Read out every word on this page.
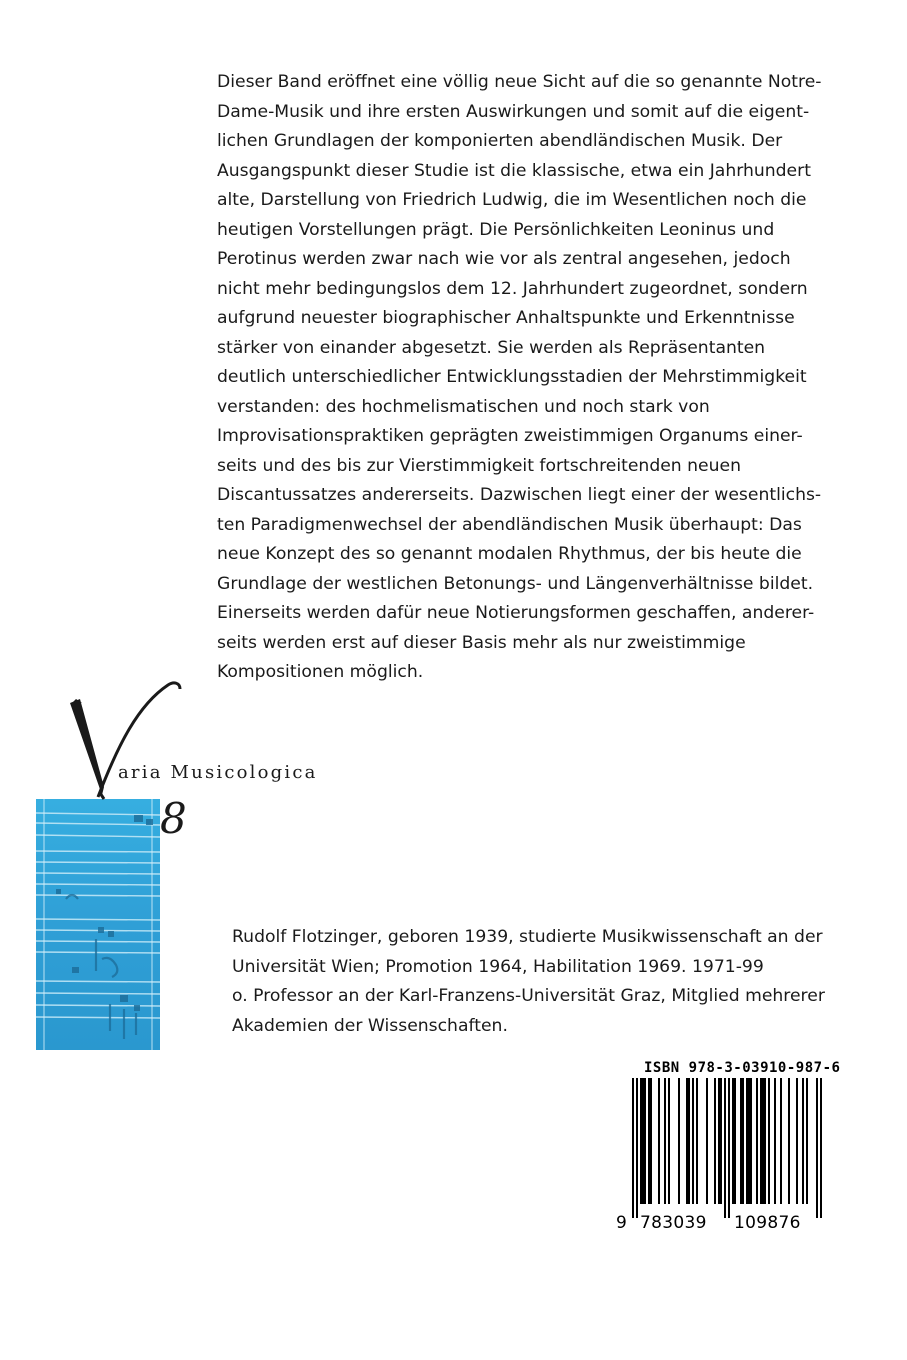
Dieser Band eröffnet eine völlig neue Sicht auf die so genannte Notre-
Dame-Musik und ihre ersten Auswirkungen und somit auf die eigent-
lichen Grundlagen der komponierten abendländischen Musik. Der
Ausgangspunkt dieser Studie ist die klassische, etwa ein Jahrhundert
alte, Darstellung von Friedrich Ludwig, die im Wesentlichen noch die
heutigen Vorstellungen prägt. Die Persönlichkeiten Leoninus und
Perotinus werden zwar nach wie vor als zentral angesehen, jedoch
nicht mehr bedingungslos dem 12. Jahrhundert zugeordnet, sondern
aufgrund neuester biographischer Anhaltspunkte und Erkenntnisse
stärker von einander abgesetzt. Sie werden als Repräsentanten
deutlich unterschiedlicher Entwicklungsstadien der Mehrstimmigkeit
verstanden: des hochmelismatischen und noch stark von
Improvisationspraktiken geprägten zweistimmigen Organums einer-
seits und des bis zur Vierstimmigkeit fortschreitenden neuen
Discantussatzes andererseits. Dazwischen liegt einer der wesentlichs-
ten Paradigmenwechsel der abendländischen Musik überhaupt: Das
neue Konzept des so genannt modalen Rhythmus, der bis heute die
Grundlage der westlichen Betonungs- und Längenverhältnisse bildet.
Einerseits werden dafür neue Notierungsformen geschaffen, anderer-
seits werden erst auf dieser Basis mehr als nur zweistimmige
Kompositionen möglich.
aria Musicologica
8
Rudolf Flotzinger, geboren 1939, studierte Musikwissenschaft an der
Universität Wien; Promotion 1964, Habilitation 1969. 1971-99
o. Professor an der Karl-Franzens-Universität Graz, Mitglied mehrerer
Akademien der Wissenschaften.
ISBN 978-3-03910-987-6
9 783039 109876
